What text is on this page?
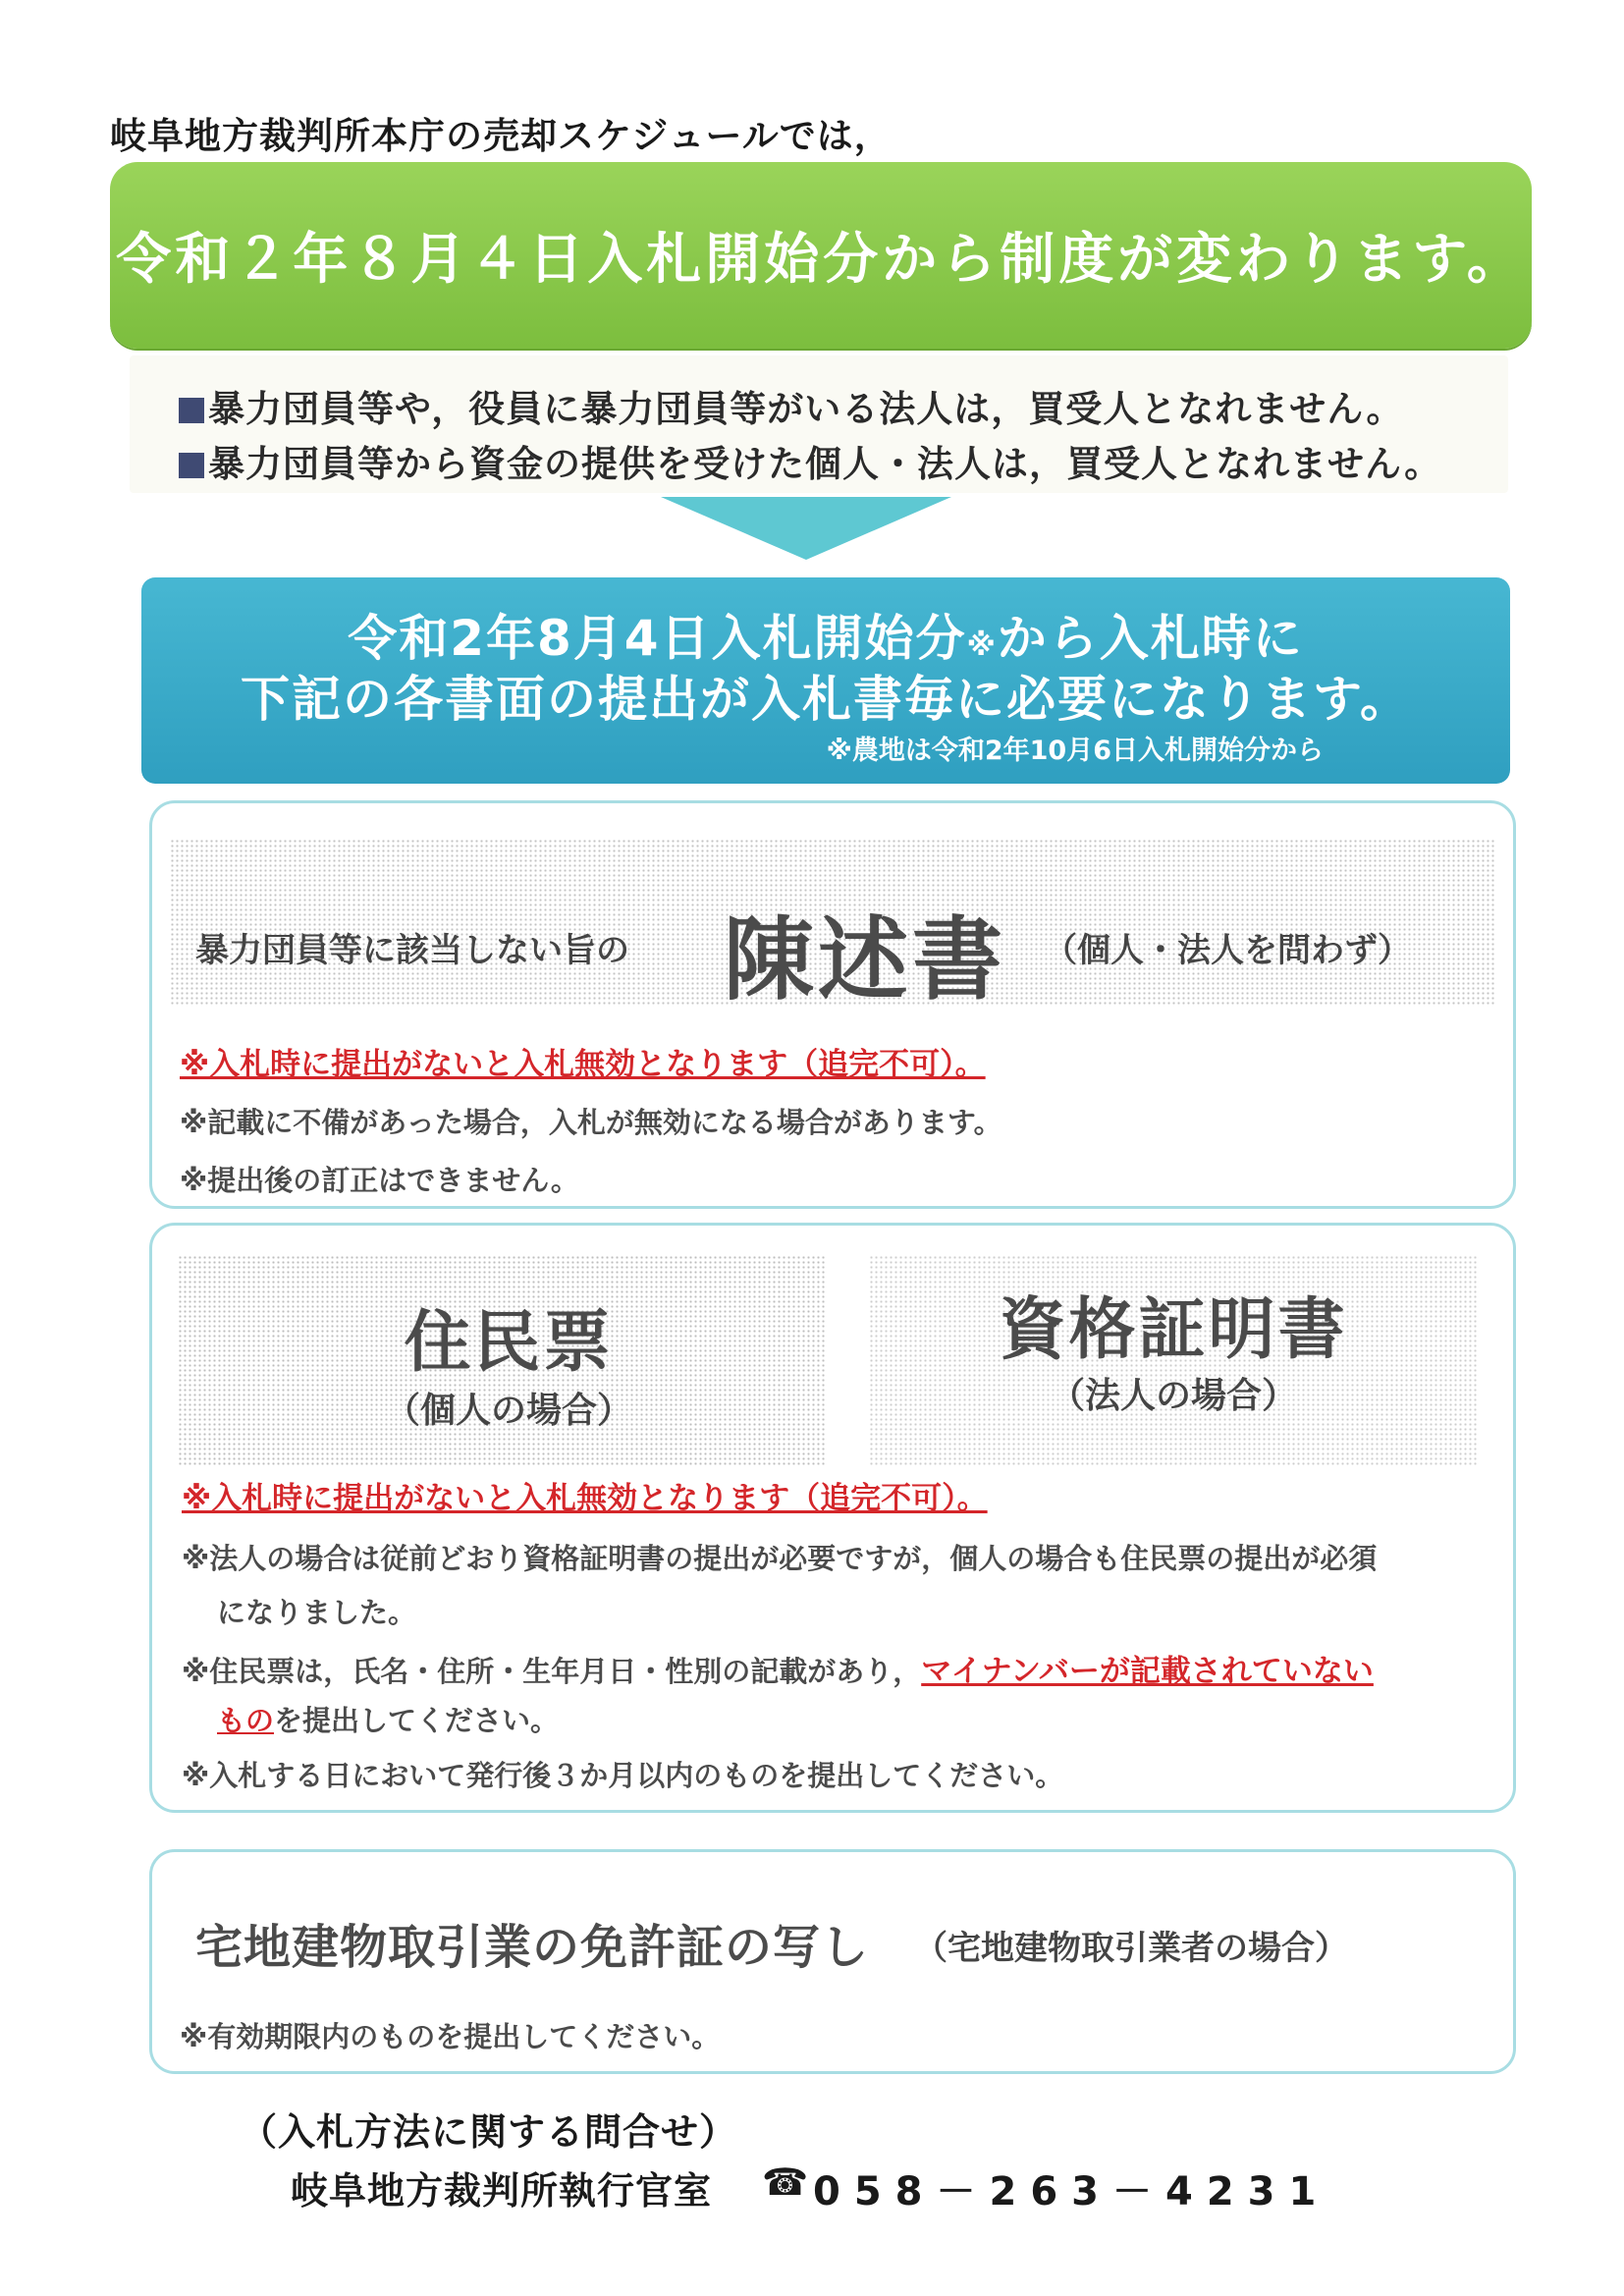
岐阜地方裁判所本庁の売却スケジュールでは，
令和２年８月４日入札開始分から制度が変わります。
暴力団員等や，役員に暴力団員等がいる法人は，買受人となれません。
暴力団員等から資金の提供を受けた個人・法人は，買受人となれません。
令和2年8月4日入札開始分※から入札時に
下記の各書面の提出が入札書毎に必要になります。
※農地は令和2年10月6日入札開始分から
暴力団員等に該当しない旨の 陳述書 （個人・法人を問わず）
※入札時に提出がないと入札無効となります（追完不可）。
※記載に不備があった場合，入札が無効になる場合があります。
※提出後の訂正はできません。
住民票
（個人の場合）
資格証明書
（法人の場合）
※入札時に提出がないと入札無効となります（追完不可）。
※法人の場合は従前どおり資格証明書の提出が必要ですが，個人の場合も住民票の提出が必須
になりました。
※住民票は，氏名・住所・生年月日・性別の記載があり，マイナンバーが記載されていない
ものを提出してください。
※入札する日において発行後３か月以内のものを提出してください。
宅地建物取引業の免許証の写し （宅地建物取引業者の場合）
※有効期限内のものを提出してください。
（入札方法に関する問合せ）
岐阜地方裁判所執行官室 ☎ 058－263－4231
